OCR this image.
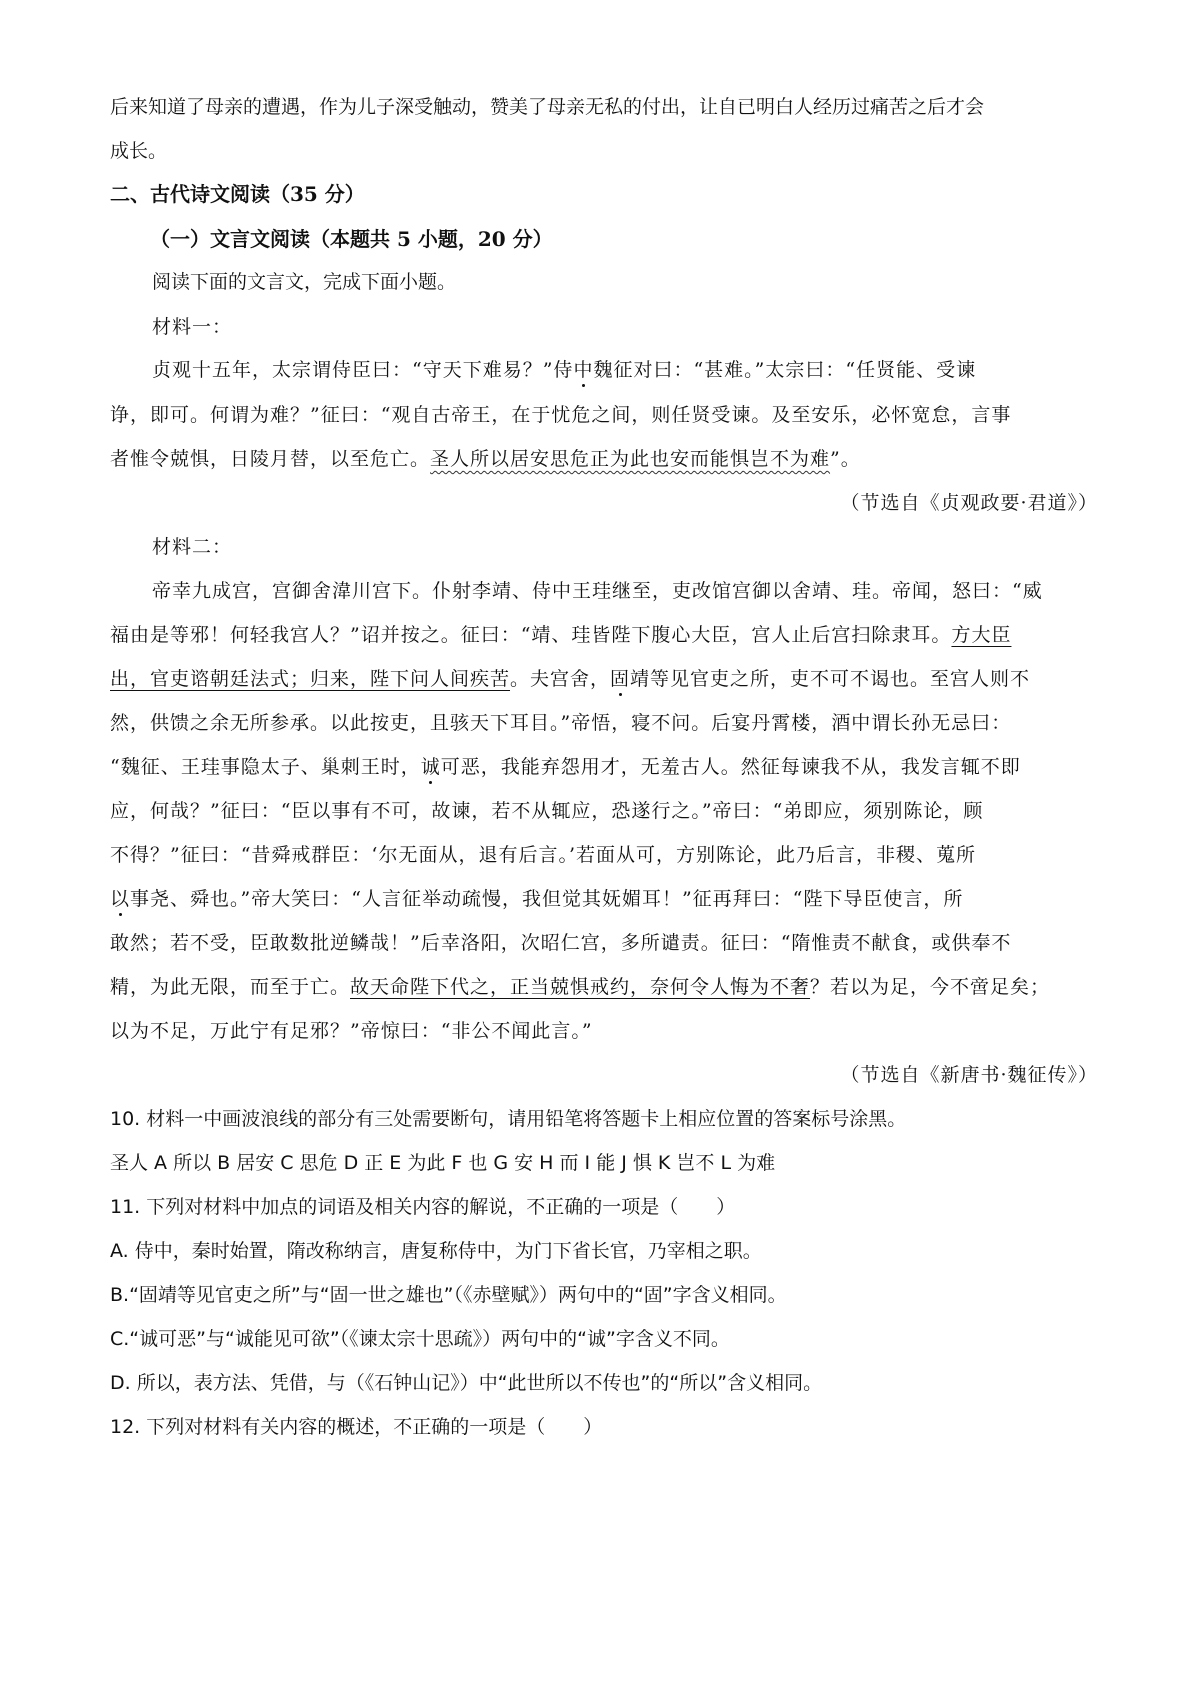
后来知道了母亲的遭遇，作为儿子深受触动，赞美了母亲无私的付出，让自已明白人经历过痛苦之后才会
成长。
二、古代诗文阅读（35 分）
（一）文言文阅读（本题共 5 小题，20 分）
阅读下面的文言文，完成下面小题。
材料一：
贞观十五年，太宗谓侍臣曰：“守天下难易？”侍中魏征对曰：“甚难。”太宗曰：“任贤能、受谏
诤，即可。何谓为难？”征曰：“观自古帝王，在于忧危之间，则任贤受谏。及至安乐，必怀宽怠，言事
者惟令兢惧，日陵月替，以至危亡。圣人所以居安思危正为此也安而能惧岂不为难”。
（节选自《贞观政要·君道》）
材料二：
帝幸九成宫，宫御舍湋川宫下。仆射李靖、侍中王珪继至，吏改馆宫御以舍靖、珪。帝闻，怒曰：“威
福由是等邪！何轻我宫人？”诏并按之。征曰：“靖、珪皆陛下腹心大臣，宫人止后宫扫除隶耳。方大臣
出，官吏谘朝廷法式；归来，陛下问人间疾苦。夫宫舍，固靖等见官吏之所，吏不可不谒也。至宫人则不
然，供馈之余无所参承。以此按吏，且骇天下耳目。”帝悟，寝不问。后宴丹霄楼，酒中谓长孙无忌曰：
“魏征、王珪事隐太子、巢刺王时，诚可恶，我能弃怨用才，无羞古人。然征每谏我不从，我发言辄不即
应，何哉？”征曰：“臣以事有不可，故谏，若不从辄应，恐遂行之。”帝曰：“弟即应，须别陈论，顾
不得？”征曰：“昔舜戒群臣：‘尔无面从，退有后言。’若面从可，方别陈论，此乃后言，非稷、蒐所
以事尧、舜也。”帝大笑曰：“人言征举动疏慢，我但觉其妩媚耳！”征再拜曰：“陛下导臣使言，所
敢然；若不受，臣敢数批逆鳞哉！”后幸洛阳，次昭仁宫，多所谴责。征曰：“隋惟责不献食，或供奉不
精，为此无限，而至于亡。故天命陛下代之，正当兢惧戒约，奈何令人悔为不奢？若以为足，今不啻足矣；
以为不足，万此宁有足邪？”帝惊曰：“非公不闻此言。”
（节选自《新唐书·魏征传》）
10. 材料一中画波浪线的部分有三处需要断句，请用铅笔将答题卡上相应位置的答案标号涂黑。
圣人 A 所以 B 居安 C 思危 D 正 E 为此 F 也 G 安 H 而 I 能 J 惧 K 岂不 L 为难
11. 下列对材料中加点的词语及相关内容的解说，不正确的一项是（　　）
A. 侍中，秦时始置，隋改称纳言，唐复称侍中，为门下省长官，乃宰相之职。
B.“固靖等见官吏之所”与“固一世之雄也”（《赤壁赋》）两句中的“固”字含义相同。
C.“诚可恶”与“诚能见可欲”（《谏太宗十思疏》）两句中的“诚”字含义不同。
D. 所以，表方法、凭借，与（《石钟山记》）中“此世所以不传也”的“所以”含义相同。
12. 下列对材料有关内容的概述，不正确的一项是（　　）
